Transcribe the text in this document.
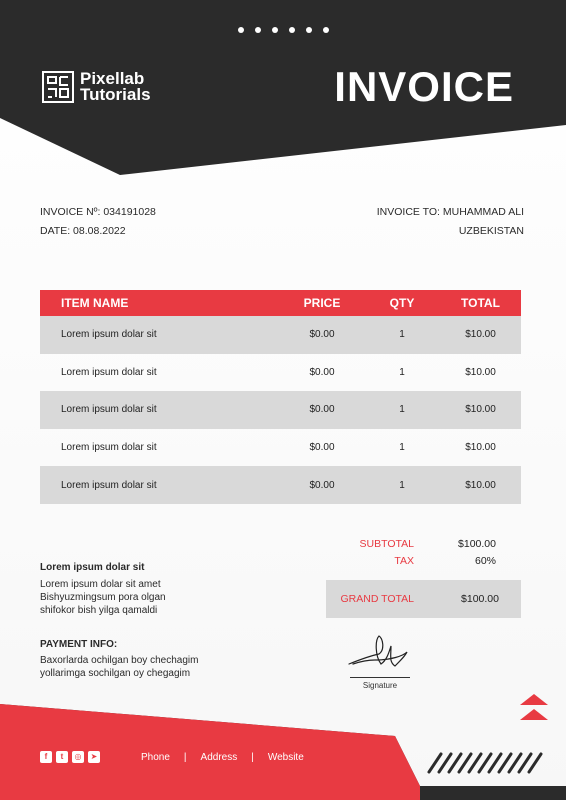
Pixellab
Tutorials	INVOICE
INVOICE Nº: 034191028
DATE: 08.08.2022
INVOICE TO: MUHAMMAD ALI
UZBEKISTAN
ITEM NAME	PRICE	QTY	TOTAL
Lorem ipsum dolar sit	$0.00	1	$10.00
Lorem ipsum dolar sit	$0.00	1	$10.00
Lorem ipsum dolar sit	$0.00	1	$10.00
Lorem ipsum dolar sit	$0.00	1	$10.00
Lorem ipsum dolar sit	$0.00	1	$10.00
SUBTOTAL	$100.00
TAX	60%
GRAND TOTAL	$100.00
Lorem ipsum dolar sit
Lorem ipsum dolar sit amet
Bishyuzmingsum pora olgan
shifokor bish yilga qamaldi
PAYMENT INFO:
Baxorlarda ochilgan boy chechagim
yollarimga sochilgan oy chegagim
Signature
f	t	◎	➤	Phone | Address | Website
